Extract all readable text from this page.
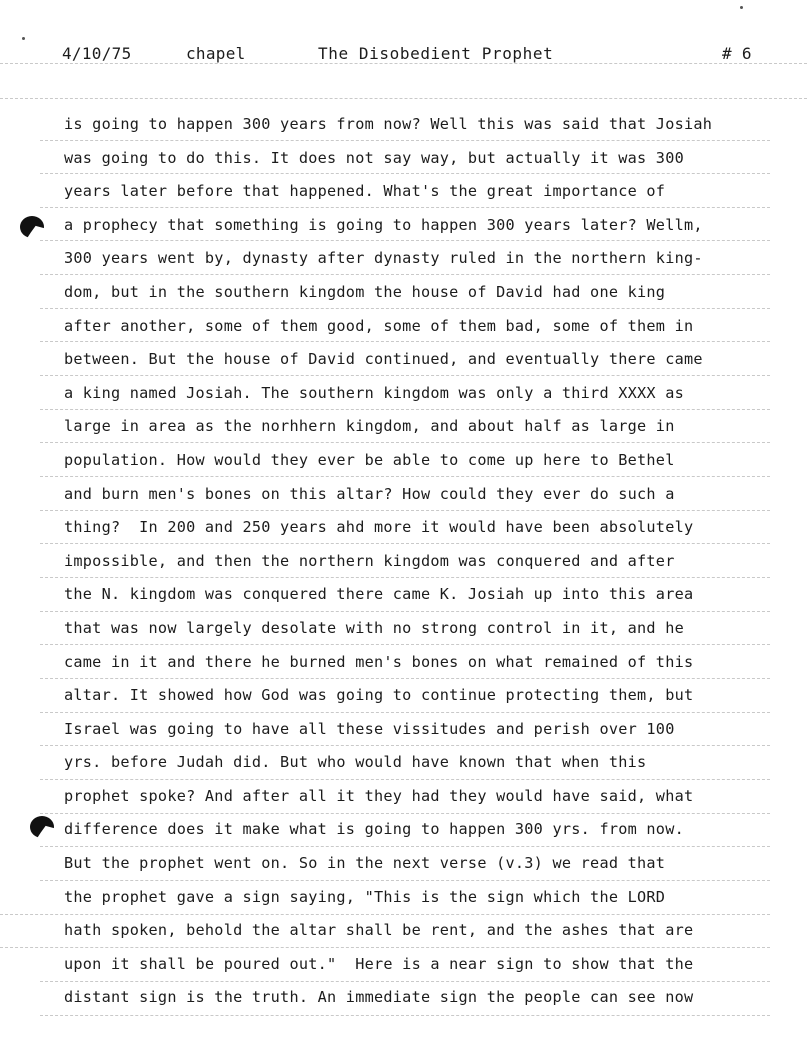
4/10/75	chapel	The Disobedient Prophet	# 6
is going to happen 300 years from now? Well this was said that Josiah
was going to do this. It does not say way, but actually it was 300
years later before that happened. What's the great importance of
a prophecy that something is going to happen 300 years later? Wellm,
300 years went by, dynasty after dynasty ruled in the northern king-
dom, but in the southern kingdom the house of David had one king
after another, some of them good, some of them bad, some of them in
between. But the house of David continued, and eventually there came
a king named Josiah. The southern kingdom was only a third XXXX as
large in area as the norhhern kingdom, and about half as large in
population. How would they ever be able to come up here to Bethel
and burn men's bones on this altar? How could they ever do such a
thing?  In 200 and 250 years ahd more it would have been absolutely
impossible, and then the northern kingdom was conquered and after
the N. kingdom was conquered there came K. Josiah up into this area
that was now largely desolate with no strong control in it, and he
came in it and there he burned men's bones on what remained of this
altar. It showed how God was going to continue protecting them, but
Israel was going to have all these vissitudes and perish over 100
yrs. before Judah did. But who would have known that when this
prophet spoke? And after all it they had they would have said, what
difference does it make what is going to happen 300 yrs. from now.
But the prophet went on. So in the next verse (v.3) we read that
the prophet gave a sign saying, "This is the sign which the LORD
hath spoken, behold the altar shall be rent, and the ashes that are
upon it shall be poured out."  Here is a near sign to show that the
distant sign is the truth. An immediate sign the people can see now
